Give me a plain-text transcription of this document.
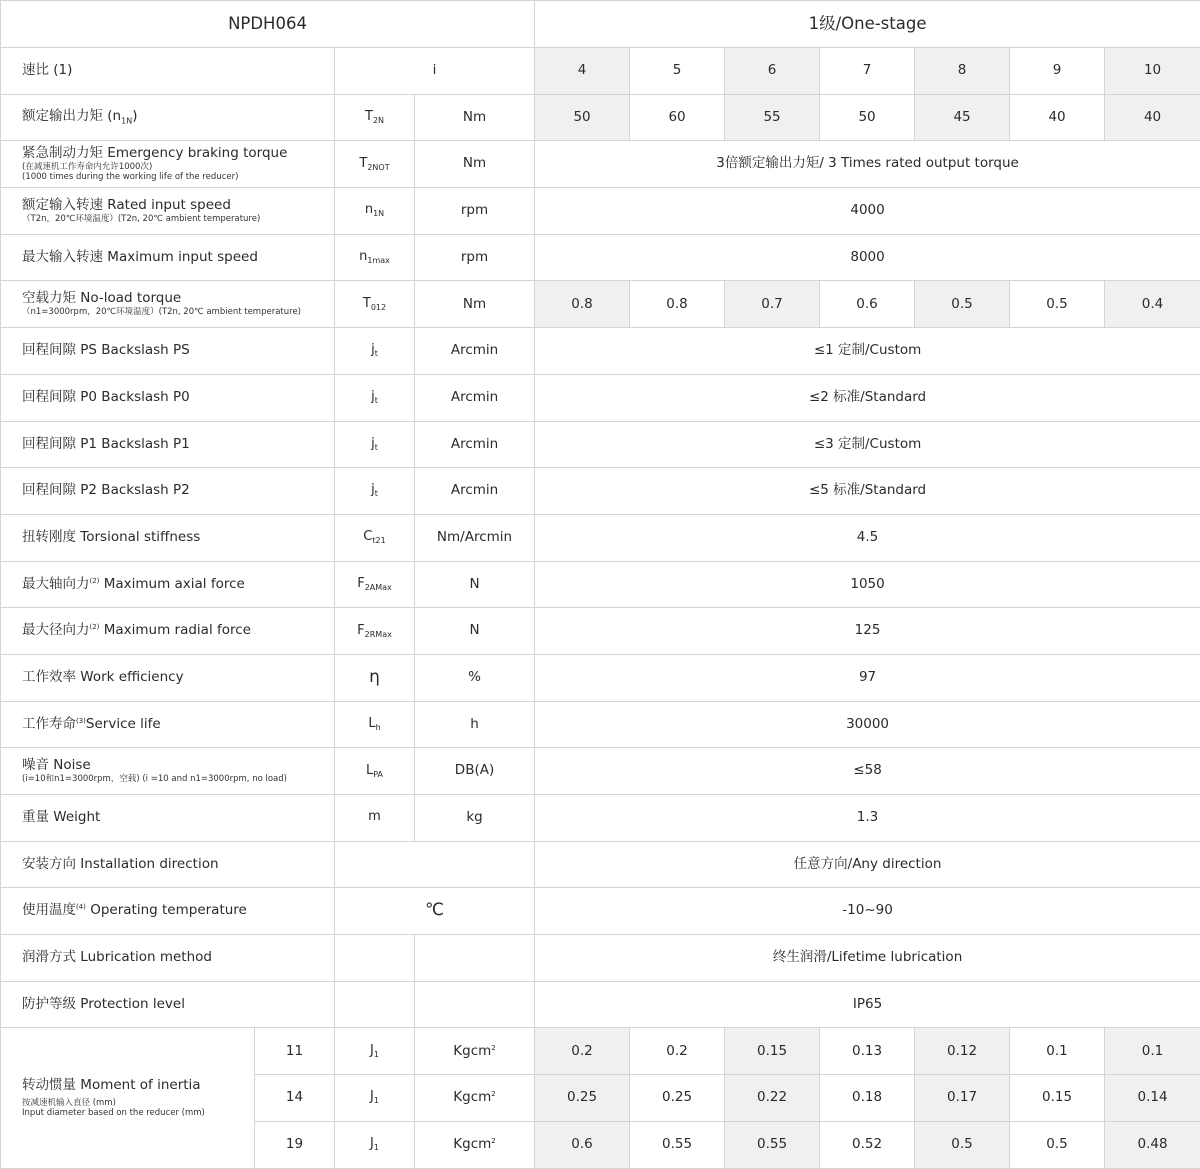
NPDH064				1级/One-stage						
速比 (1)		i		4	5	6	7	8	9	10
额定输出力矩 $(n_{1N})$		$T_{2N}$	Nm	50	60	55	50	45	40	40

紧急制动力矩 Emergency braking torque
(在减速机工作寿命内允许1000次)
(1000 times during the working life of the reducer)		$T_{2NOT}$	Nm	3倍额定输出力矩/ 3 Times rated output torque						

额定输入转速 Rated input speed
（T2n，20℃环境温度）(T2n, 20℃ ambient temperature)		$n_{1N}$	rpm	4000						
最大输入转速 Maximum input speed		$n_{1max}$	rpm	8000						

空载力矩 No-load torque
（n1=3000rpm，20℃环境温度）(T2n, 20℃ ambient temperature)		$T_{012}$	Nm	0.8	0.8	0.7	0.6	0.5	0.5	0.4
回程间隙 PS Backslash PS		$j_t$	Arcmin	≤1 定制/Custom						
回程间隙 P0 Backslash P0		$j_t$	Arcmin	≤2 标准/Standard						
回程间隙 P1 Backslash P1		$j_t$	Arcmin	≤3 定制/Custom						
回程间隙 P2 Backslash P2		$j_t$	Arcmin	≤5 标准/Standard						
扭转刚度 Torsional stiffness		$C_{t21}$	Nm/Arcmin	4.5						
最大轴向力$^{(2)}$ Maximum axial force		$F_{2AMax}$	N	1050						
最大径向力$^{(2)}$ Maximum radial force		$F_{2RMax}$	N	125						
工作效率 Work efficiency		η	%	97						
工作寿命$^{(3)}$Service life		$L_h$	h	30000						

噪音 Noise
(i=10和n1=3000rpm，空载) (i =10 and n1=3000rpm, no load)		$L_{PA}$	DB(A)	≤58						
重量 Weight		m	kg	1.3						
安装方向 Installation direction				任意方向/Any direction						
使用温度$^{(4)}$ Operating temperature		℃		-10~90						
润滑方式 Lubrication method				终生润滑/Lifetime lubrication						
防护等级 Protection level				IP65						

转动惯量 Moment of inertia
按减速机输入直径 (mm)
Input diameter based on the reducer (mm)	11	$J_1$	Kgcm$^2$	0.2	0.2	0.15	0.13	0.12	0.1	0.1
	14	$J_1$	Kgcm$^2$	0.25	0.25	0.22	0.18	0.17	0.15	0.14
	19	$J_1$	Kgcm$^2$	0.6	0.55	0.55	0.52	0.5	0.5	0.48
